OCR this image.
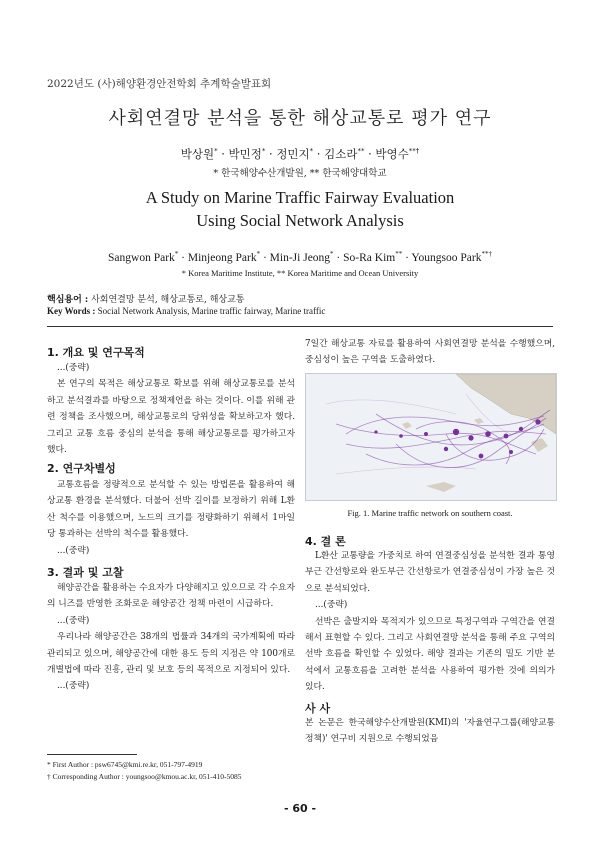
2022년도 (사)해양환경안전학회 추계학술발표회
사회연결망 분석을 통한 해상교통로 평가 연구
박상원* · 박민정* · 정민지* · 김소라** · 박영수**†
* 한국해양수산개발원, ** 한국해양대학교
A Study on Marine Traffic Fairway Evaluation
Using Social Network Analysis
Sangwon Park* · Minjeong Park* · Min-Ji Jeong* · So-Ra Kim** · Youngsoo Park**†
* Korea Maritime Institute, ** Korea Maritime and Ocean University
핵심용어 : 사회연결망 분석, 해상교통로, 해상교통
Key Words : Social Network Analysis, Marine traffic fairway, Marine traffic
1. 개요 및 연구목적
...(중략)
본 연구의 목적은 해상교통로 확보를 위해 해상교통로를 분석하고 분석결과를 바탕으로 정책제언을 하는 것이다. 이를 위해 관련 정책을 조사했으며, 해상교통로의 당위성을 확보하고자 했다. 그리고 교통 흐름 중심의 분석을 통해 해상교통로를 평가하고자 했다.
2. 연구차별성
교통흐름을 정량적으로 분석할 수 있는 방법론을 활용하여 해상교통 환경을 분석했다. 더불어 선박 길이를 보정하기 위해 L환산 척수를 이용했으며, 노드의 크기를 정량화하기 위해서 1마일 당 통과하는 선박의 척수를 활용했다.
...(중략)
3. 결과 및 고찰
해양공간을 활용하는 수요자가 다양해지고 있으므로 각 수요자의 니즈를 반영한 조화로운 해양공간 정책 마련이 시급하다.
...(중략)
우리나라 해양공간은 38개의 법률과 34개의 국가계획에 따라 관리되고 있으며, 해양공간에 대한 용도 등의 지정은 약 100개로 개별법에 따라 진흥, 관리 및 보호 등의 목적으로 지정되어 있다.
...(중략)
* First Author : psw6745@kmi.re.kr, 051-797-4919
† Corresponding Author : youngsoo@kmou.ac.kr, 051-410-5085
7일간 해상교통 자료를 활용하여 사회연결망 분석을 수행했으며, 중심성이 높은 구역을 도출하였다.
Fig. 1. Marine traffic network on southern coast.
4. 결 론
L환산 교통량을 가중치로 하여 연결중심성을 분석한 결과 통영부근 간선항로와 완도부근 간선항로가 연결중심성이 가장 높은 것으로 분석되었다.
...(중략)
선박은 출발지와 목적지가 있으므로 특정구역과 구역간을 연결해서 표현할 수 있다. 그리고 사회연결망 분석을 통해 주요 구역의 선박 흐름을 확인할 수 있었다. 해양 결과는 기존의 밀도 기반 분석에서 교통흐름을 고려한 분석을 사용하여 평가한 것에 의의가 있다.
사 사
본 논문은 한국해양수산개발원(KMI)의 '자율연구그룹(해양교통정책)' 연구비 지원으로 수행되었음
- 60 -
